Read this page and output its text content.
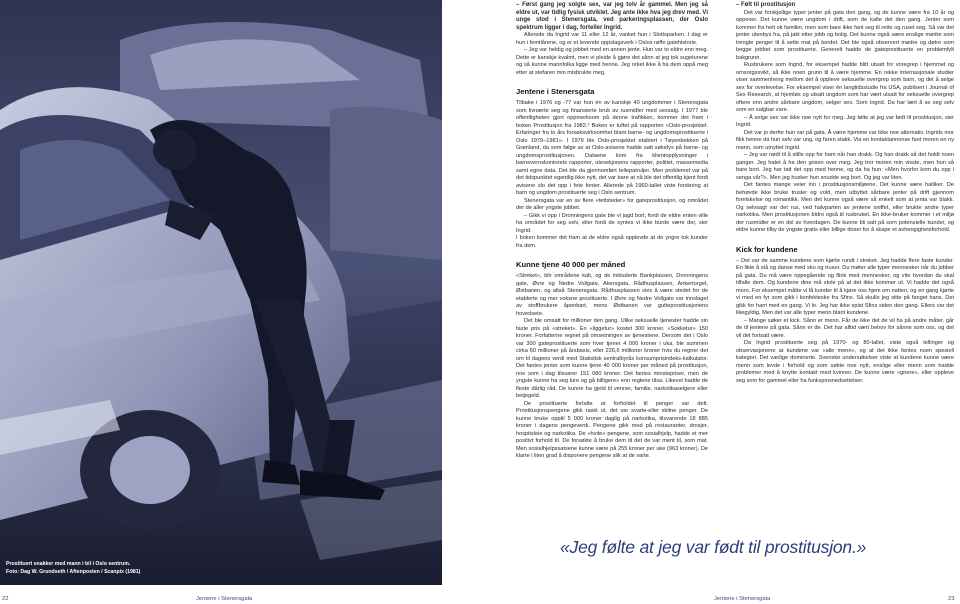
Prostituert snakker med mann i bil i Oslo sentrum.
Foto: Dag W. Grundseth / Aftenposten / Scanpix (1981)

– Først gang jeg solgte sex, var jeg tolv år gammel. Men jeg så eldre ut, var tidlig fysisk utviklet. Jeg ante ikke hva jeg drev med. Vi unge stod i Stenersgata, ved parkeringsplassen, der Oslo spektrum ligger i dag, forteller Ingrid.

Allerede da Ingrid var 11 eller 12 år, vanket hun i Slottsparken. I dag er hun i femtiårene, og er et levende oppslagsverk i Oslos røffe gatehistorie.

– Jeg var heldig og jobbet med en annen jente. Hun var to eldre enn meg. Dette er kanskje kvalmt, men vi pleide å gjøre det sånn at jeg tok sugeturene og så kunne mannfolka ligge med henne. Jeg orket ikke å ha dem oppå meg etter at stefaren min misbrukte meg.

Jentene i Stenersgata

Tilbake i 1976 og -77 var hun én av kanskje 40 ungdommer i Stenersgata som livnærte seg og finansierte bruk av rusmidler med sexsalg. I 1977 ble offentligheten gjort oppmerksom på denne trafikken, kommer det fram i boken Prostitusjon fra 1982.² Boken er tuftet på rapporten «Oslo-prosjektet. Erfaringer fra to års forsøksvirksomhet blant barne- og ungdomsprostituerte i Oslo 1979–1981». I 1979 ble Oslo-prosjektet etablert i Tøyenbekken på Grønland, da som følge av at Oslo-avisene hadde satt søkelys på barne- og ungdomsprostitusjonen. Dataene kom fra klientopplysninger i barnevernskontorets rapporter, utesekjonens rapporter, politiet, massemedia samt egne data. Det ble da gjennomført tellepatruljer. Men problemet var på det tidspunktet egentlig ikke nytt, det var bare at nå ble det offentlig kjent fordi avisene slo det opp i fete fonter. Allerede på 1960-tallet viste forskning at barn og ungdom prostituerte seg i Oslo sentrum.

Stenersgata var en av flere «tettsteder» for gateprostitusjon, og området der de aller yngste jobbet.

– Gikk vi opp i Dronningens gate ble vi jagd bort, fordi de eldre enten ville ha området for seg selv, eller fordi de syntes vi ikke burde være der, sier Ingrid.

I boken kommer det fram at de eldre også opplevde at de yngre tok kunder fra dem.

Kunne tjene 40 000 per måned

«Streket», blir områdene kalt, og de inkluderte Bankplassen, Dronningens gate, Øvre og Nedre Vollgate, Akersgata, Rådhusplassen, Ankertorget, Østbanen, og altså Stenersgata. Rådhusplassen sies å være stedet for de etablerte og mer voksne prostituerte. I Øvre og Nedre Vollgate var innslaget av stoffbrukere åpenbart, mens Østbanen var gutteprostitusjonens hovedsete.

Det ble omsatt for millioner den gang. Ulike seksuelle tjenester hadde sin faste pris på «streket». En «liggetur» kostet 300 kroner. «Sokketur» 150 kroner. Forfatterne regnet på omsetningen av tjenestene. Dersom det i Oslo var 300 gateprostituerte som hver tjener 4 000 kroner i uka, ble summen cirka 60 millioner på årsbasis, eller 226,6 millioner kroner hvis du regner det om til dagens verdi med Statistisk sentralbyrås konsumprisindeks-kalkulator. Det fantes jenter som kunne tjene 40 000 kroner per måned på prostitusjon, noe som i dag tilsvarer 151 080 kroner. Det fantes minstepriser, men de yngste kunne ha seg lure og gå billigere» enn reglene tilsa. Likevel hadde de fleste dårlig råd. De kunne ha gjeld til venner, familie, narkotikaselgere eller betjegeld.

De prostituerte fortalte at forholdet til penger var delt. Prostitusjonspengene gikk raskt ut, det var svarte-eller skitne penger. De kunne bruke opptil 5 000 kroner daglig på narkotika, tilsvarende 18 885 kroner i dagens pengeverdi. Pengene gikk med på restauranter, drosjer, hospitsleie og narkotika. De «hvite» pengene, som sosialhjelp, hadde et mer positivt forhold til. De forsøkte å bruke dem til det de var ment til, som mat. Men sosialhjelpssatsene kunne være på 255 kroner per uke (963 kroner). De klarte i liten grad å disponere pengene slik at de varte.

– Følt til prostitusjon

Det var forskjellige typer jenter på gata den gang, og de kunne være fra 10 år og oppover. Det kunne være ungdom i drift, som de kalte det den gang. Jenter som kommer fra helt ok familier, men som bare ikke fant seg til rette og ruset seg. Så var det jenter utenbys fra, på jakt etter jobb og bolig. Det kunne også være enslige mødre som trengte penger til å sette mat på bordet. Det ble også observert mødre og døtre som begge jobbet som prostituerte. Generelt hadde de gateprostituerte en problemfylt bakgrunn.

Rusbrukere som Ingrid, for eksempel hadde blitt utsatt for voregrep i hjemmet og omsorgssvikt, så ikke noen grunn til å være hjemme. En rekke internasjonale studier viser sammenheng mellom det å oppleve seksuelle overgrep som barn, og det å selge sex for overlevelse. For eksempel viser én langtidsstudie fra USA, publisert i Journal of Sex Research, at hjemløs og utsatt ungdom som har vært utsatt for seksuelle overgrep oftere enn andre sårbare ungdom, selger sex. Som Ingrid. Da har lært å se seg selv som en salgbar vare.

– Å selge sex var ikke noe nytt for meg. Jeg følte at jeg var født til prostitusjon, sier Ingrid.

Det var jo derfor hun var på gata. Å være hjemme var ikke noe alternativ. Ingrids mor fikk henne da hun selv var ung, og faren stakk. Via en kontaktannonse fant moren en ny mann, som utnyttet Ingrid.

– Jeg var nødt til å stille opp for ham når han drakk. Og han drakk så det holdt noen ganger. Jeg hatet å ha den grisen over meg. Jeg tror moren min visste, men hun så bare bort. Jeg har tatt det opp med henne, og da ha hun: «Men hvorfor kom du opp i senga vår?». Men jeg husker hun snudde seg bort. Og jeg var liten.

Det fantes mange veier inn i prostitusjonsmiljøene. Det kunne være halliker. De behøvde ikke bruke trusler og vold, men utbyttet sårbare jenter på drift gjennom forelskelse og romantikk. Men det kunne også være så enkelt som at jenta var blakk. Og selvsagt var det rus, ved halvparten av jentene sniffet, eller brukte andre typer narkotika. Men prostitusjonen bidro også til rusbruket. En ikke-bruker kommer i et miljø der rusmidler er en del av hverdagen. De kunne bli satt på som potensielle kunder, og eldre kunne tilby de yngste gratis eller billige doser for å skape et avhengighetsforhold.

Kick for kundene

– Det var de samme kundene som kjørte rundt i streket. Jeg hadde flere faste kunder. En likte å stå og danse med sko og truser. Du møter alle typer mennesker når du jobber på gata. Du må være oppegående og flink med mennesker, og vite hvordan du skal tilfalle dem. Og kundene dine må stole på at det ikke kommer ut. Vi hadde det også moro. For eksempel måtte vi få kunder til å kjøre oss hjem om natten, og en gang kjørte vi med en fyr som gikk i konfekteske fra Sfinx. Så skulle jeg sitte på fanget hans. Det gikk for ham med en gang. Vi lo. Jeg har ikke spist Sfinx siden den gang. Ellers var det likegyldig. Men det var alle typer menn blant kundene.

– Mange søker et kick. Sånn er menn. Får de ikke det de vil ha på andre måter, går de til jentene på gata. Sånn er de. Det har alltid vært behov for sånne som oss, og det vil det fortsatt være.

Da Ingrid prostituerte seg på 1970- og 80-tallet, viste også tellinger og observasjonene at kundene var «alle menn», og at det ikke fantes noen spesiell kategori. Det vanlige dominerte. Svenske undersøkelser viste at kundene kunne være menn som levde i forhold og som søkte noe nytt, enslige eller menn som hadde problemer med å knytte kontakt med kvinner. De kunne være «gnere», eller oppleve seg som for gammel eller ha funksjonsnedsettelser.

«Jeg følte at jeg var født til prostitusjon.»
22	Jentene i Stenersgata	Jentene i Stenersgata	23
